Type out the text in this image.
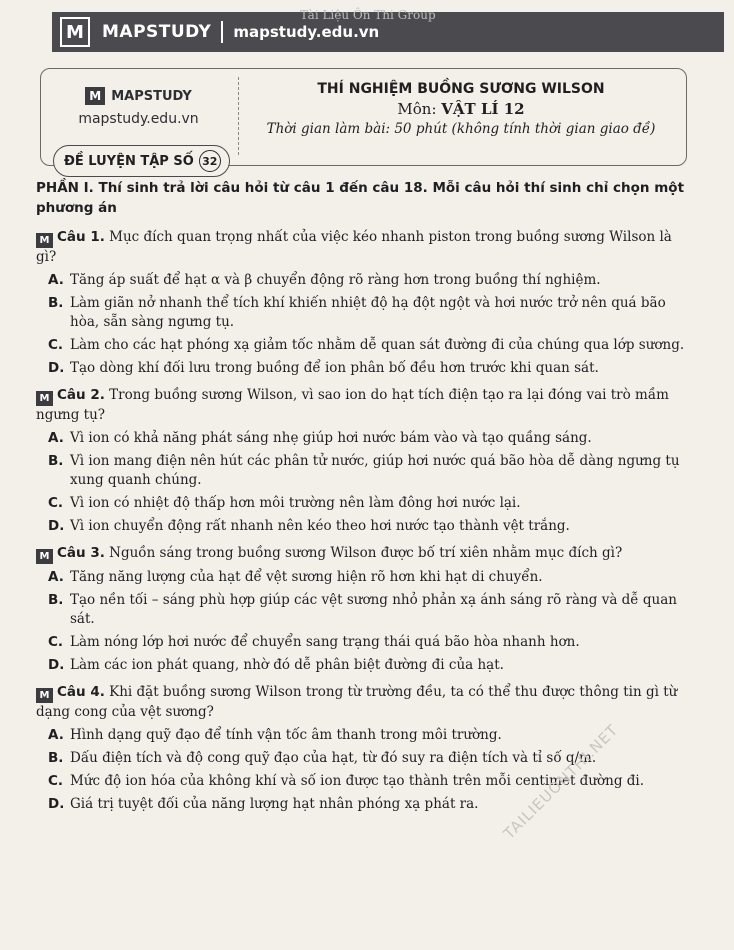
M	MAPSTUDY mapstudy.edu.vn
Tài Liệu Ôn Thi Group
M MAPSTUDY
mapstudy.edu.vn
THÍ NGHIỆM BUỒNG SƯƠNG WILSON
Môn: VẬT LÍ 12
Thời gian làm bài: 50 phút (không tính thời gian giao đề)
ĐỀ LUYỆN TẬP SỐ 32
PHẦN I. Thí sinh trả lời câu hỏi từ câu 1 đến câu 18. Mỗi câu hỏi thí sinh chỉ chọn một phương án
M Câu 1. Mục đích quan trọng nhất của việc kéo nhanh piston trong buồng sương Wilson là gì?
A. Tăng áp suất để hạt α và β chuyển động rõ ràng hơn trong buồng thí nghiệm.
B. Làm giãn nở nhanh thể tích khí khiến nhiệt độ hạ đột ngột và hơi nước trở nên quá bão hòa, sẵn sàng ngưng tụ.
C. Làm cho các hạt phóng xạ giảm tốc nhằm dễ quan sát đường đi của chúng qua lớp sương.
D. Tạo dòng khí đối lưu trong buồng để ion phân bố đều hơn trước khi quan sát.
M Câu 2. Trong buồng sương Wilson, vì sao ion do hạt tích điện tạo ra lại đóng vai trò mầm ngưng tụ?
A. Vì ion có khả năng phát sáng nhẹ giúp hơi nước bám vào và tạo quầng sáng.
B. Vì ion mang điện nên hút các phân tử nước, giúp hơi nước quá bão hòa dễ dàng ngưng tụ xung quanh chúng.
C. Vì ion có nhiệt độ thấp hơn môi trường nên làm đông hơi nước lại.
D. Vì ion chuyển động rất nhanh nên kéo theo hơi nước tạo thành vệt trắng.
M Câu 3. Nguồn sáng trong buồng sương Wilson được bố trí xiên nhằm mục đích gì?
A. Tăng năng lượng của hạt để vệt sương hiện rõ hơn khi hạt di chuyển.
B. Tạo nền tối – sáng phù hợp giúp các vệt sương nhỏ phản xạ ánh sáng rõ ràng và dễ quan sát.
C. Làm nóng lớp hơi nước để chuyển sang trạng thái quá bão hòa nhanh hơn.
D. Làm các ion phát quang, nhờ đó dễ phân biệt đường đi của hạt.
M Câu 4. Khi đặt buồng sương Wilson trong từ trường đều, ta có thể thu được thông tin gì từ dạng cong của vệt sương?
A. Hình dạng quỹ đạo để tính vận tốc âm thanh trong môi trường.
B. Dấu điện tích và độ cong quỹ đạo của hạt, từ đó suy ra điện tích và tỉ số q/m.
C. Mức độ ion hóa của không khí và số ion được tạo thành trên mỗi centimet đường đi.
D. Giá trị tuyệt đối của năng lượng hạt nhân phóng xạ phát ra.	TAILIEUONTHI.NET
